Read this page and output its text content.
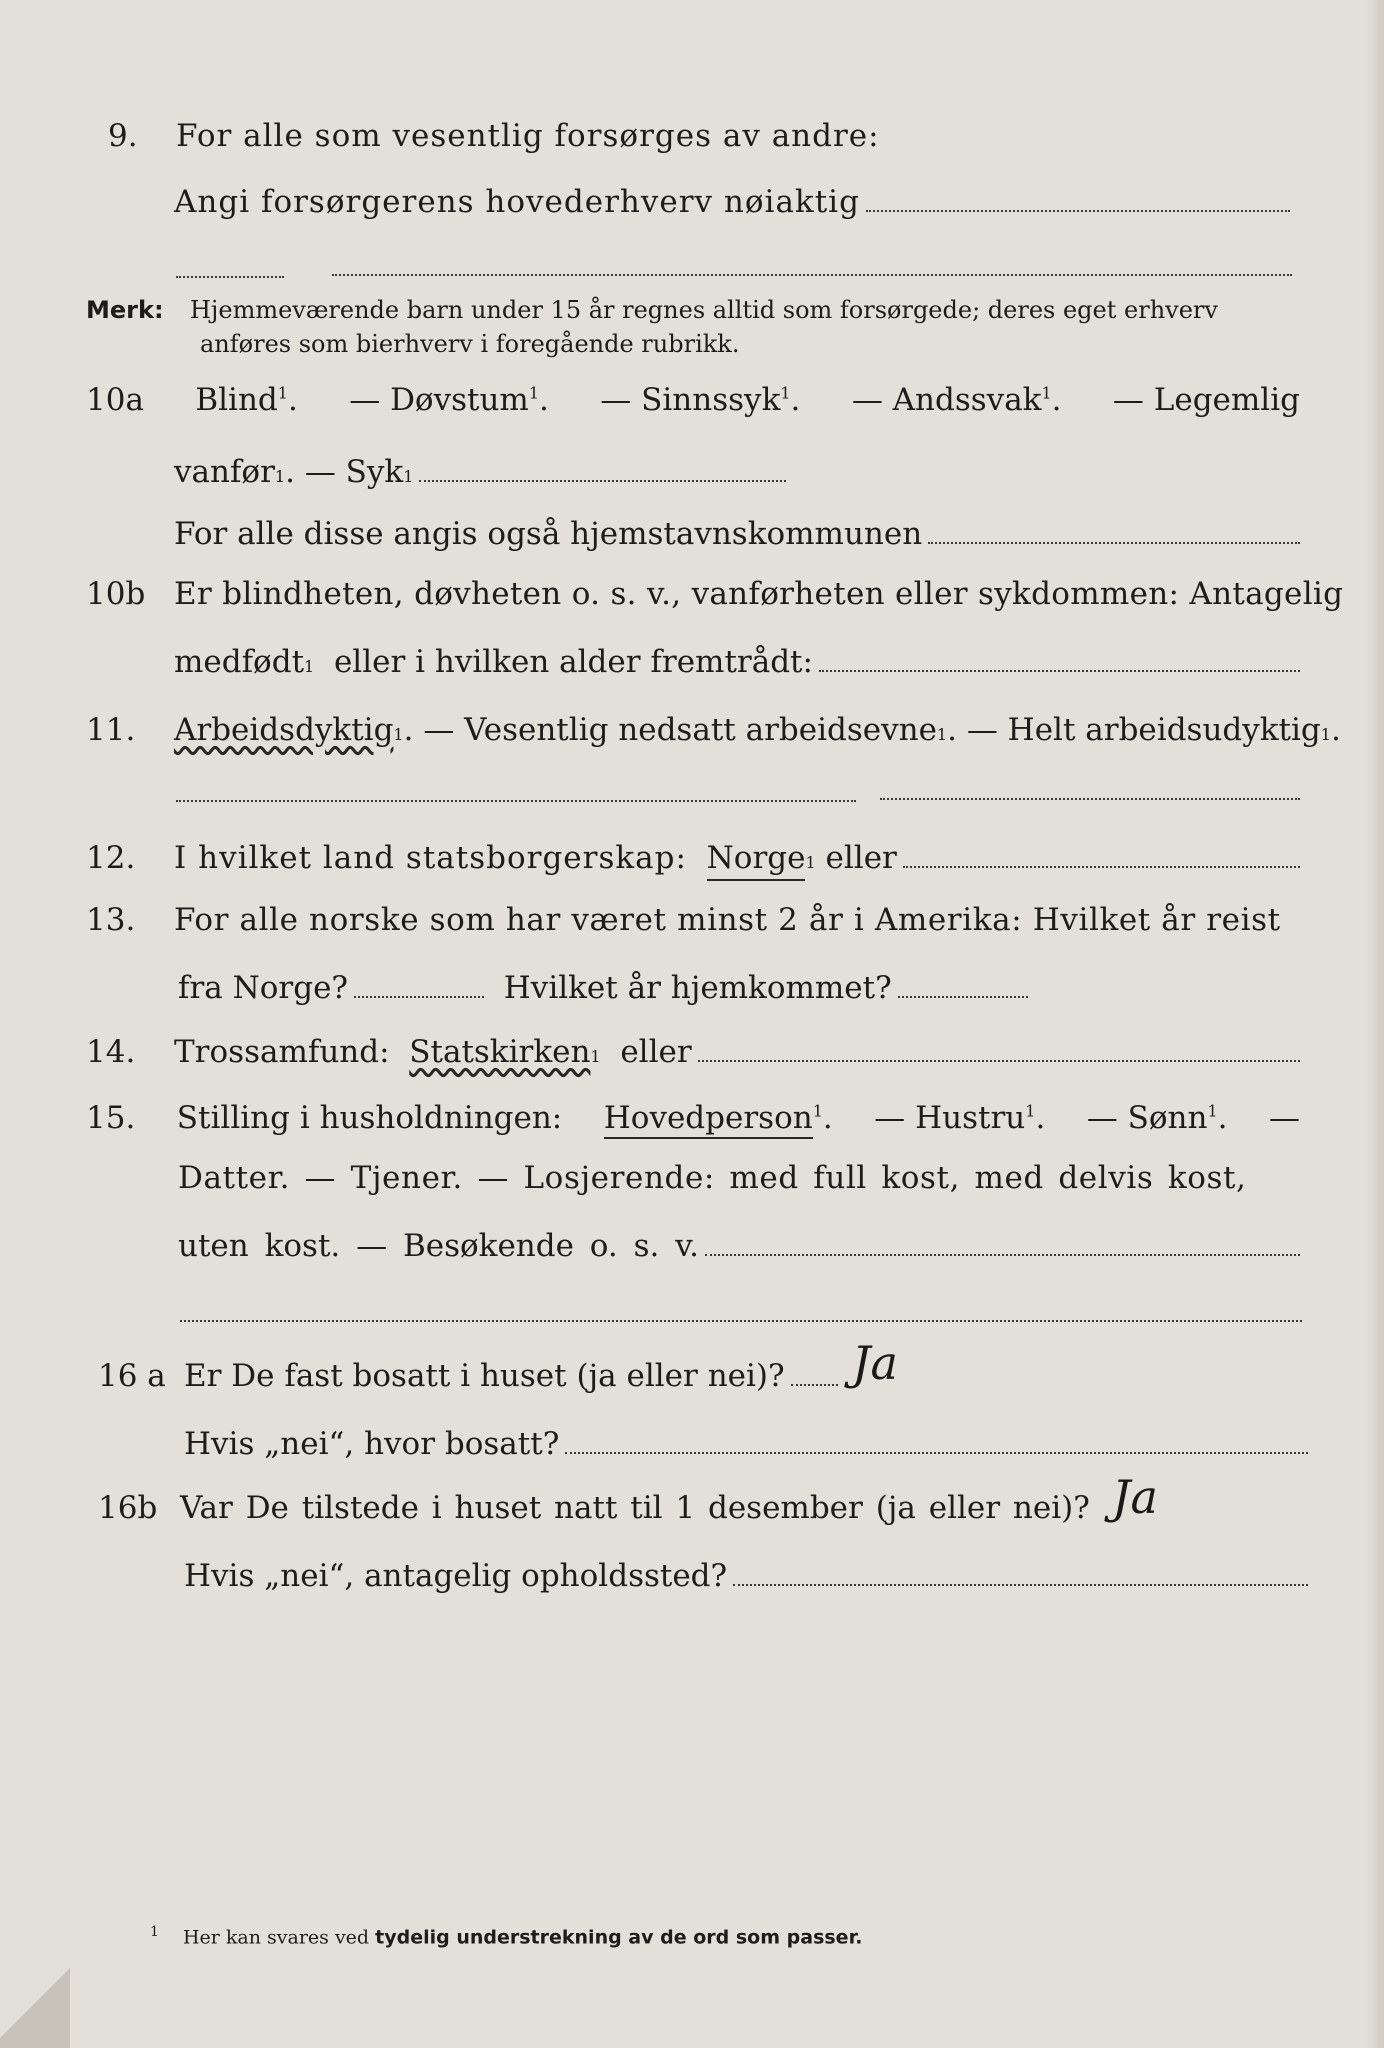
9.	For alle som vesentlig forsørges av andre:
Angi forsørgerens hovederhverv nøiaktig
Merk:	Hjemmeværende barn under 15 år regnes alltid som forsørgede; deres eget erhverv
anføres som bierhverv i foregående rubrikk.
10a Blind$^1$. — Døvstum$^1$. — Sinnssyk$^1$. — Andssvak$^1$. — Legemlig
vanfør 1 . — Syk 1
For alle disse angis også hjemstavnskommunen
10b Er blindheten, døvheten o. s. v., vanførheten eller sykdommen: Antagelig
medfødt 1
eller i hvilken alder fremtrådt:
11.	Arbeidsdyktig 1 . — Vesentlig nedsatt arbeidsevne 1 . — Helt arbeidsudyktig 1 .
12.	I hvilket land statsborgerskap:
Norge 1
eller
13.	For alle norske som har været minst 2 år i Amerika: Hvilket år reist
fra Norge?
	Hvilket år hjemkommet?
14.	Trossamfund:
Statskirken 1
eller
15. Stilling i husholdningen: Hovedperson$^1$. — Hustru$^1$. — Sønn$^1$. —
Datter. — Tjener. — Losjerende: med full kost, med delvis kost,
uten kost. — Besøkende o. s. v.
16 a Er De fast bosatt i huset (ja eller nei)? Ja
Hvis „nei“, hvor bosatt?
16b Var De tilstede i huset natt til 1 desember (ja eller nei)? Ja
Hvis „nei“, antagelig opholdssted?
$^1$ Her kan svares ved tydelig understrekning av de ord som passer.
